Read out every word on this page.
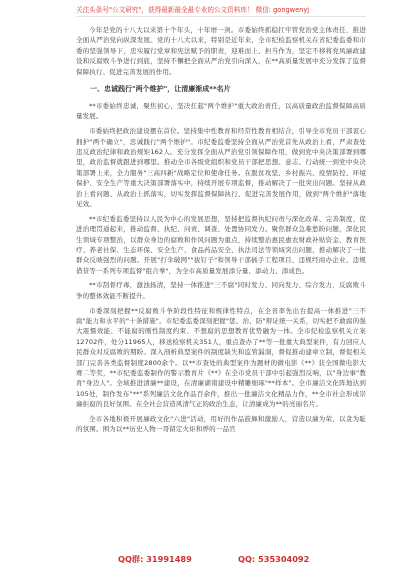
关注头条号"公文研究"，获得最新最全最专业的公文资料库！ 微信: gongwenyj

今年是党的十八大以来第十个年头，十年磨一剑。市委始终抓稳扛牢管党治党主体责任，推进全面从严治党向纵深发展。党的十八大以来，特别是近年来，全市纪检监察机关在省纪委监委和市委的坚强领导下，忠实履行党章和宪法赋予的职责，迎难而上、担当作为，坚定不移将党风廉政建设和反腐败斗争进行到底，坚持不懈把全面从严治党引向深入，在**高质量发展中充分发挥了监督保障执行、促进完善发展的作用。

一、忠诚践行"两个维护"，让清廉渐成**名片

**市委始终忠诚，聚焦初心，坚决扛起"两个维护"重大政治责任，以高质量政治监督保障高质量发展。

市委始终把政治建设摆在首位。坚持集中性教育和经常性教育相结合，引导全市党员干部衷心拥护"两个确立"，忠诚践行"两个维护"。市纪委监委坚持全面从严治党首先从政治上看，严肃查处违反政治纪律和政治规矩162人。充分发挥全面从严治党引领保障作用，做到党中央决策部署到哪里，政治监督就跟进到哪里。推动全市各级党组织和党员干部把思想、意志、行动统一到党中央决策部署上来，全力服务"三高四新"战略定位和使命任务。在脱贫攻坚、乡村振兴、疫情防控、环境保护、安全生产等重大决策部署落实中，持续开展专项监督，推动解决了一批突出问题。坚持从政治上看问题、从政治上抓落实，切实发挥监督保障执行、促进完善发展作用，做到"两个维护"落地见效。

**市纪委监委坚持以人民为中心的发展思想，坚持把监督执纪问责与深化改革、完善制度、促进治理贯通起来，推动监督、执纪、问责、调查、处置协同发力。聚焦群众急难愁盼问题，深化民生领域专项整治，以群众身边的腐败和作风问题为重点，持续整治惠民惠农财政补贴资金、教育医疗、养老社保、生态环保、安全生产、食品药品安全、执法司法等领域突出问题，推动解决了一批群众反映强烈的问题。开展"打伞破网""拔钉子"和领导干部插手工程项目、违规经商办企业、违规借贷等一系列专项监督"组合拳"，为全市高质量发展添分量、添动力、添成色。

**市刮骨疗毒，激浊扬清，坚持一体推进"三不腐"同时发力、同向发力、综合发力，反腐败斗争的整体效能不断提升。

市委深刻把握**反腐败斗争阶段性特征和规律性特点，在全省率先出台提高一体推进"三不腐"能力和水平的"十条措施"。市纪委监委深刻把握"惩、治、防"辩证统一关系，切实把不敢腐的强大震慑效能、不能腐的刚性制度约束、不想腐的思想教育优势融为一体。全市纪检监察机关立案12702件，处分11965人，移送检察机关351人，重点查办了**等一批重大典型案件，有力回应人民群众对反腐败的期盼。深入剖析典型案件的制度缺失和监管漏洞，督促推动建章立制，督促相关部门完善各类监督制度2800余个。以**市查处的典型案件为题材的微电影《**》获全国微电影大赛二等奖，**市纪委监委制作的警示教育片《**》在全市党员干部中引起强烈反响，以"身边事"教育"身边人"。全域推进清廉**建设，在清廉湖南建设中精雕细琢"**样本"。全市廉洁文化阵地达到105处，制作发布"**"系列廉洁文化作品百余件，推出一批廉洁文化精品力作，**全市社会形成崇廉拒腐的良好氛围。在全社会营造风清气正的政治生态，让清廉成为**的亮丽名片。

全市各地积极开展廉政文化"六进"活动，用好的作品鼓舞和激励人，营造以廉为荣、以贪为耻的氛围。围为以**历史人物一哥留定火炬和烨的一品官

QQ群: 31991489	QQ: 535304092
